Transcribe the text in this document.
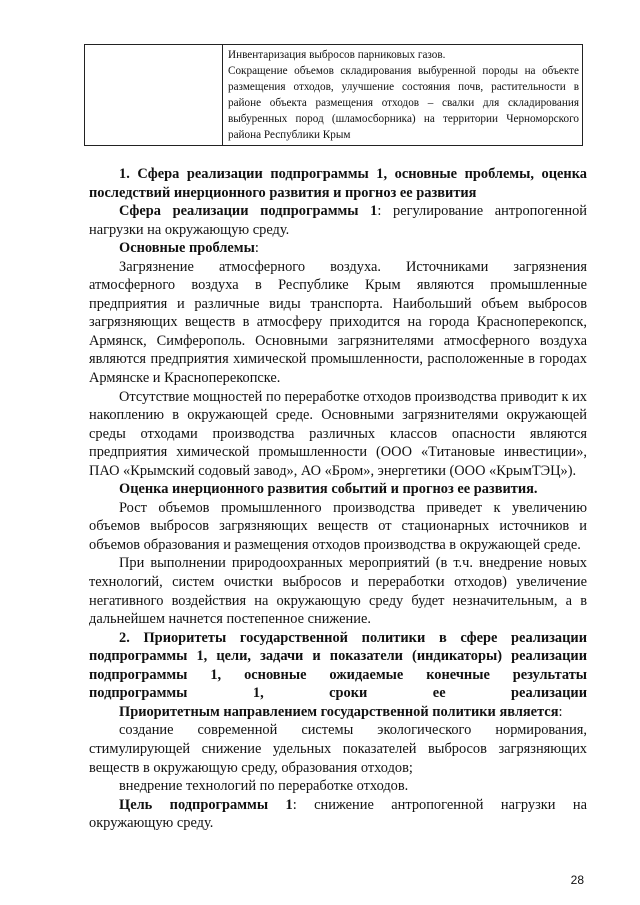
Инвентаризация выбросов парниковых газов.
Сокращение объемов складирования выбуренной породы на объекте
размещения отходов, улучшение состояния почв, растительности в
районе объекта размещения отходов – свалки для складирования
выбуренных пород (шламосборника) на территории Черноморского
района Республики Крым

1. Сфера реализации подпрограммы 1, основные проблемы, оценка последствий инерционного развития и прогноз ее развития

Сфера реализации подпрограммы 1: регулирование антропогенной нагрузки на окружающую среду.

Основные проблемы:

Загрязнение атмосферного воздуха. Источниками загрязнения атмосферного воздуха в Республике Крым являются промышленные предприятия и различные виды транспорта. Наибольший объем выбросов загрязняющих веществ в атмосферу приходится на города Красноперекопск, Армянск, Симферополь. Основными загрязнителями атмосферного воздуха являются предприятия химической промышленности, расположенные в городах Армянске и Красноперекопске.

Отсутствие мощностей по переработке отходов производства приводит к их накоплению в окружающей среде. Основными загрязнителями окружающей среды отходами производства различных классов опасности являются предприятия химической промышленности (ООО «Титановые инвестиции», ПАО «Крымский содовый завод», АО «Бром», энергетики (ООО «КрымТЭЦ»).

Оценка инерционного развития событий и прогноз ее развития.

Рост объемов промышленного производства приведет к увеличению объемов выбросов загрязняющих веществ от стационарных источников и объемов образования и размещения отходов производства в окружающей среде.

При выполнении природоохранных мероприятий (в т.ч. внедрение новых технологий, систем очистки выбросов и переработки отходов) увеличение негативного воздействия на окружающую среду будет незначительным, а в дальнейшем начнется постепенное снижение.

2. Приоритеты государственной политики в сфере реализации подпрограммы 1, цели, задачи и показатели (индикаторы) реализации подпрограммы 1, основные ожидаемые конечные результаты подпрограммы 1, сроки ее реализации

Приоритетным направлением государственной политики является:

создание современной системы экологического нормирования, стимулирующей снижение удельных показателей выбросов загрязняющих веществ в окружающую среду, образования отходов;

внедрение технологий по переработке отходов.

Цель подпрограммы 1: снижение антропогенной нагрузки на окружающую среду.

28
